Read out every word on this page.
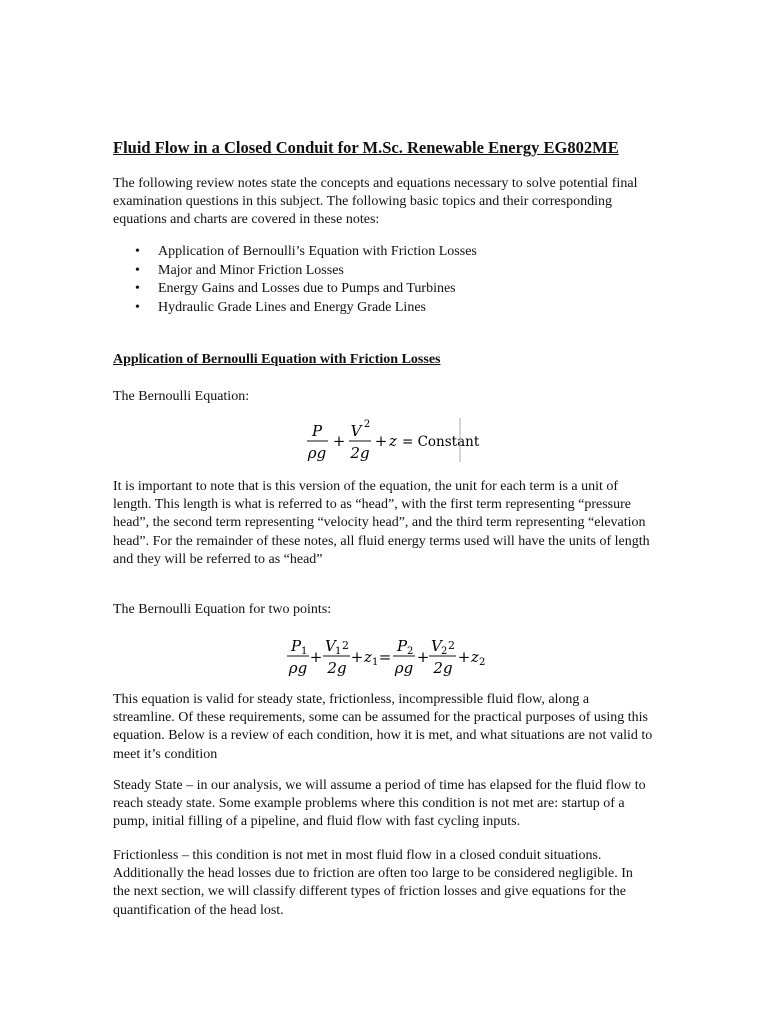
Fluid Flow in a Closed Conduit for M.Sc. Renewable Energy EG802ME

The following review notes state the concepts and equations necessary to solve potential final examination questions in this subject. The following basic topics and their corresponding equations and charts are covered in these notes:

• Application of Bernoulli’s Equation with Friction Losses
• Major and Minor Friction Losses
• Energy Gains and Losses due to Pumps and Turbines
• Hydraulic Grade Lines and Energy Grade Lines
Application of Bernoulli Equation with Friction Losses

The Bernoulli Equation:

P
ρg
+
V 2
2g
+ z = Constant

It is important to note that is this version of the equation, the unit for each term is a unit of length. This length is what is referred to as “head”, with the first term representing “pressure head”, the second term representing “velocity head”, and the third term representing “elevation head”. For the remainder of these notes, all fluid energy terms used will have the units of length and they will be referred to as “head”

The Bernoulli Equation for two points:

P 1
ρg
+
V 1 2
2g
+ z 1 =
P 2
ρg
+
V 2 2
2g
+ z 2

This equation is valid for steady state, frictionless, incompressible fluid flow, along a streamline. Of these requirements, some can be assumed for the practical purposes of using this equation. Below is a review of each condition, how it is met, and what situations are not valid to meet it’s condition

Steady State – in our analysis, we will assume a period of time has elapsed for the fluid flow to reach steady state. Some example problems where this condition is not met are: startup of a pump, initial filling of a pipeline, and fluid flow with fast cycling inputs.

Frictionless – this condition is not met in most fluid flow in a closed conduit situations. Additionally the head losses due to friction are often too large to be considered negligible. In the next section, we will classify different types of friction losses and give equations for the quantification of the head lost.
